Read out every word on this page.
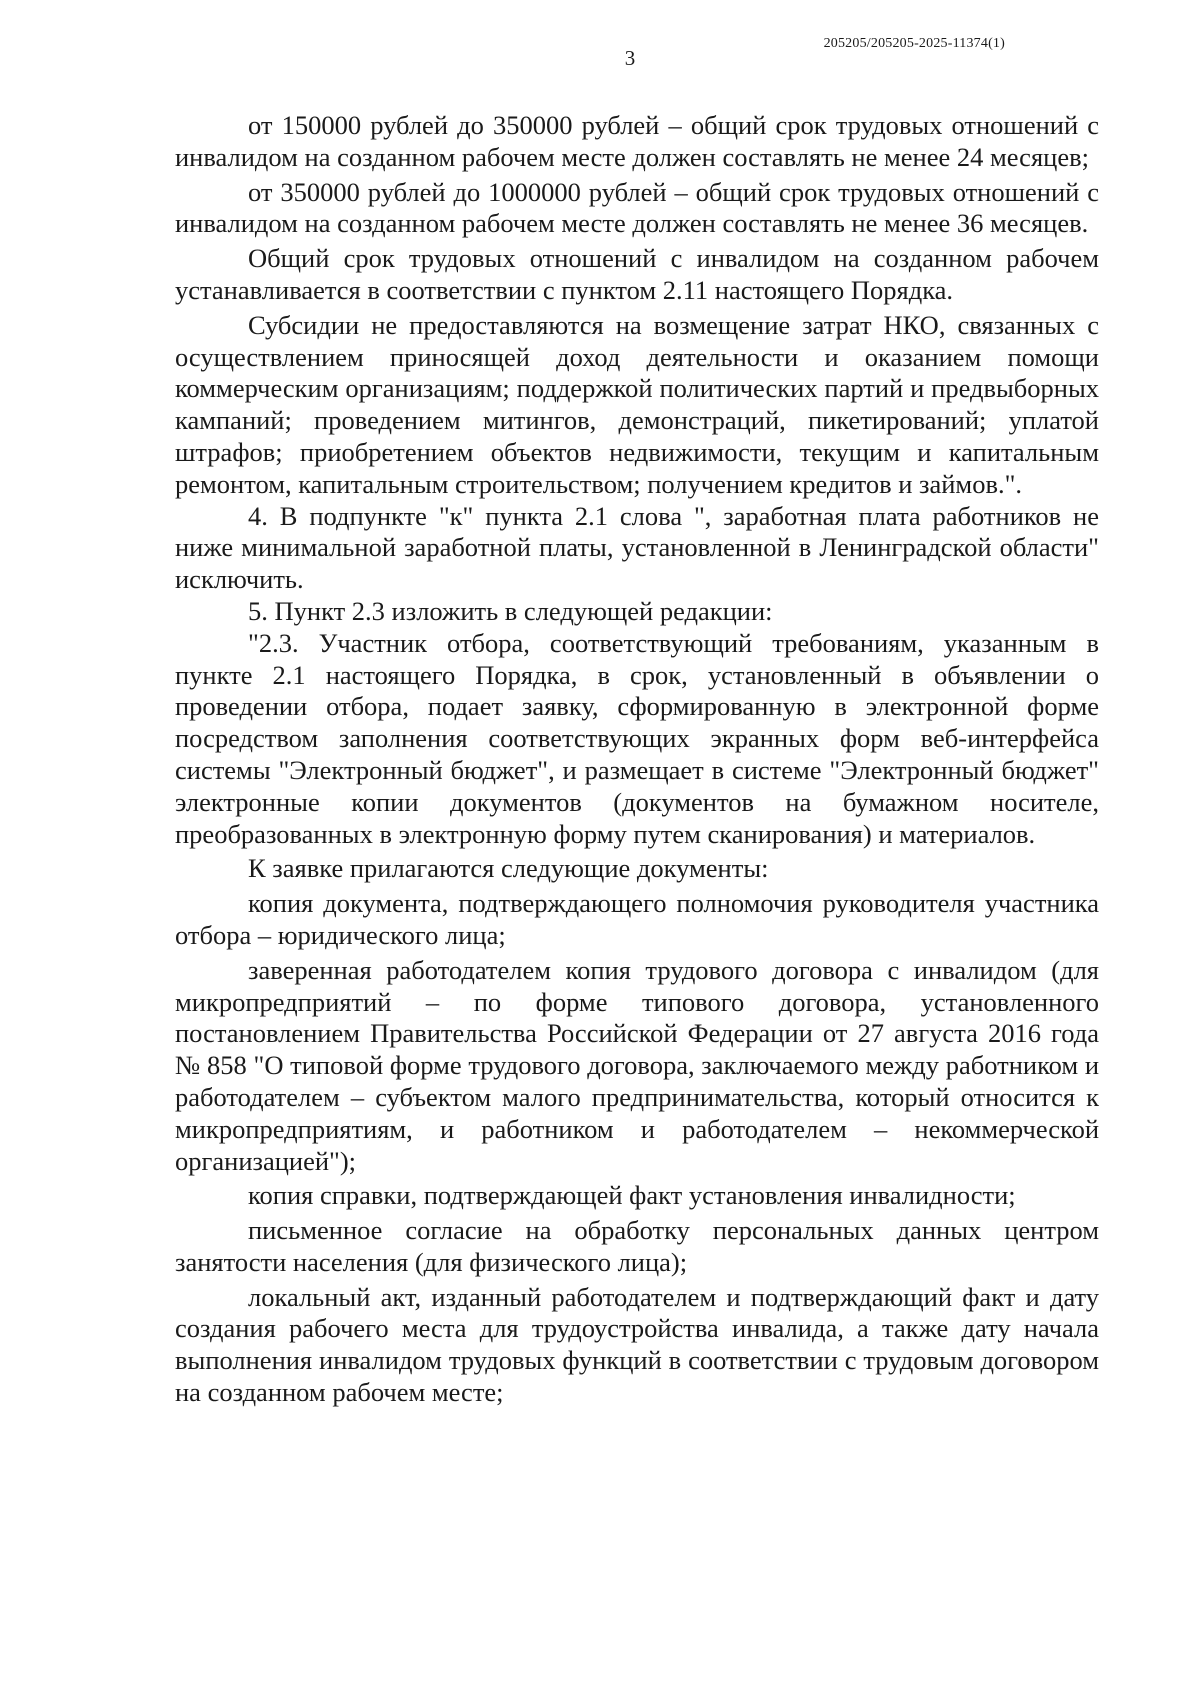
205205/205205-2025-11374(1)
3

от 150000 рублей до 350000 рублей – общий срок трудовых отношений с инвалидом на созданном рабочем месте должен составлять не менее 24 месяцев;

от 350000 рублей до 1000000 рублей – общий срок трудовых отношений с инвалидом на созданном рабочем месте должен составлять не менее 36 месяцев.

Общий срок трудовых отношений с инвалидом на созданном рабочем устанавливается в соответствии с пунктом 2.11 настоящего Порядка.

Субсидии не предоставляются на возмещение затрат НКО, связанных с осуществлением приносящей доход деятельности и оказанием помощи коммерческим организациям; поддержкой политических партий и предвыборных кампаний; проведением митингов, демонстраций, пикетирований; уплатой штрафов; приобретением объектов недвижимости, текущим и капитальным ремонтом, капитальным строительством; получением кредитов и займов.".

4. В подпункте "к" пункта 2.1 слова ", заработная плата работников не ниже минимальной заработной платы, установленной в Ленинградской области" исключить.

5. Пункт 2.3 изложить в следующей редакции:

"2.3. Участник отбора, соответствующий требованиям, указанным в пункте 2.1 настоящего Порядка, в срок, установленный в объявлении о проведении отбора, подает заявку, сформированную в электронной форме посредством заполнения соответствующих экранных форм веб-интерфейса системы "Электронный бюджет", и размещает в системе "Электронный бюджет" электронные копии документов (документов на бумажном носителе, преобразованных в электронную форму путем сканирования) и материалов.

К заявке прилагаются следующие документы:

копия документа, подтверждающего полномочия руководителя участника отбора – юридического лица;

заверенная работодателем копия трудового договора с инвалидом (для микропредприятий – по форме типового договора, установленного постановлением Правительства Российской Федерации от 27 августа 2016 года № 858 "О типовой форме трудового договора, заключаемого между работником и работодателем – субъектом малого предпринимательства, который относится к микропредприятиям, и работником и работодателем – некоммерческой организацией");

копия справки, подтверждающей факт установления инвалидности;

письменное согласие на обработку персональных данных центром занятости населения (для физического лица);

локальный акт, изданный работодателем и подтверждающий факт и дату создания рабочего места для трудоустройства инвалида, а также дату начала выполнения инвалидом трудовых функций в соответствии с трудовым договором на созданном рабочем месте;
